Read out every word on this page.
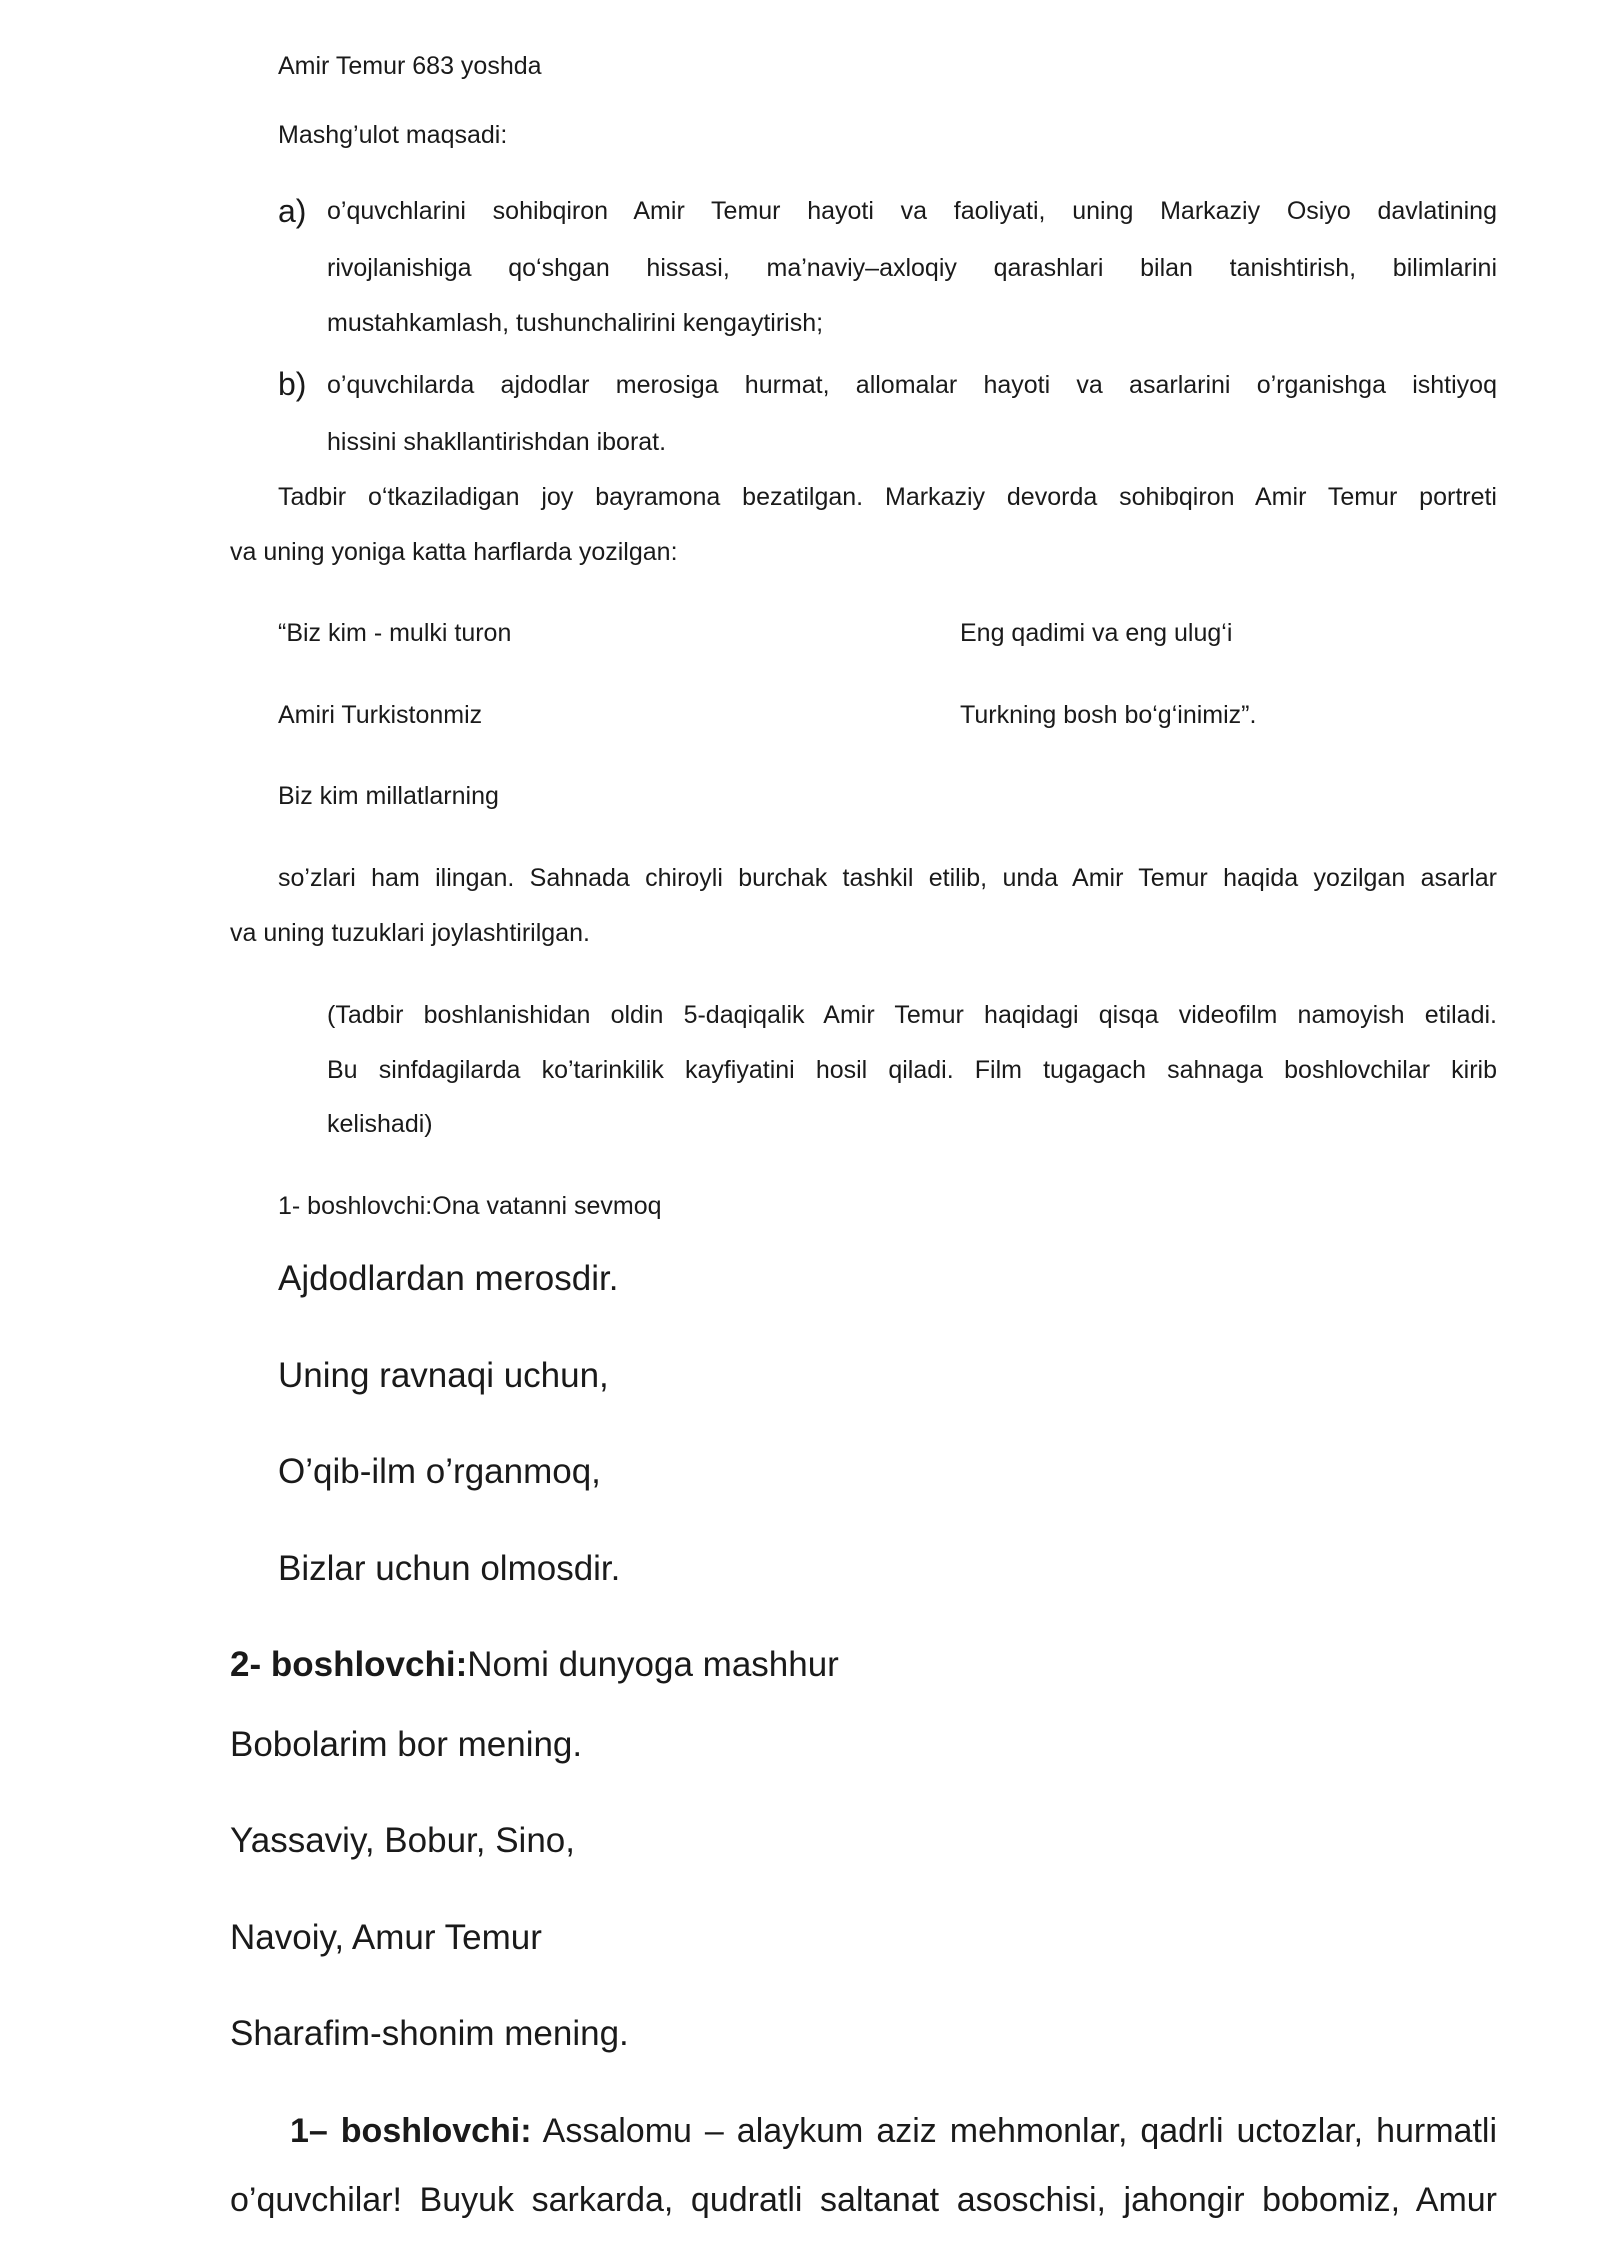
Amir Temur 683 yoshda
Mashg’ulot maqsadi:
a) o’quvchlarini sohibqiron Amir Temur hayoti va faoliyati, uning Markaziy Osiyo davlatining
rivojlanishiga qo‘shgan hissasi, ma’naviy–axloqiy qarashlari bilan tanishtirish, bilimlarini
mustahkamlash, tushunchalirini kengaytirish;
b) o’quvchilarda ajdodlar merosiga hurmat, allomalar hayoti va asarlarini o’rganishga ishtiyoq
hissini shakllantirishdan iborat.
Tadbir o‘tkaziladigan joy bayramona bezatilgan. Markaziy devorda sohibqiron Amir Temur portreti
va uning yoniga katta harflarda yozilgan:
“Biz kim - mulki turon	Eng qadimi va eng ulug‘i
Amiri Turkistonmiz	Turkning bosh bo‘g‘inimiz”.
Biz kim millatlarning
so’zlari ham ilingan. Sahnada chiroyli burchak tashkil etilib, unda Amir Temur haqida yozilgan asarlar
va uning tuzuklari joylashtirilgan.
(Tadbir boshlanishidan oldin 5-daqiqalik Amir Temur haqidagi qisqa videofilm namoyish etiladi.
Bu sinfdagilarda ko’tarinkilik kayfiyatini hosil qiladi. Film tugagach sahnaga boshlovchilar kirib
kelishadi)
1- boshlovchi:Ona vatanni sevmoq
Ajdodlardan merosdir.
Uning ravnaqi uchun,
O’qib-ilm o’rganmoq,
Bizlar uchun olmosdir.
2- boshlovchi:Nomi dunyoga mashhur
Bobolarim bor mening.
Yassaviy, Bobur, Sino,
Navoiy, Amur Temur
Sharafim-shonim mening.
1– boshlovchi: Assalomu – alaykum aziz mehmonlar, qadrli uctozlar, hurmatli
o’quvchilar! Buyuk sarkarda, qudratli saltanat asoschisi, jahongir bobomiz, Amur
